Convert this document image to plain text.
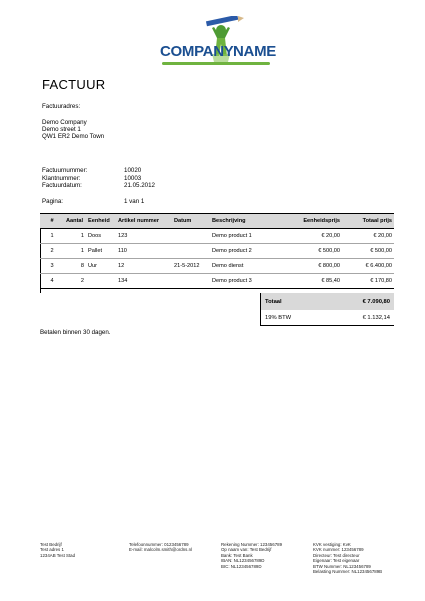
COMPANY NAME
FACTUUR
Factuuradres:
Demo Company
Demo street 1
QW1 ER2 Demo Town
Factuurnummer:	10020
Klantnummer:	10003
Factuurdatum:	21.05.2012
Pagina:	1 van 1
#	Aantal	Eenheid	Artikel nummer	Datum	Beschrijving	Eenheidsprijs	Totaal prijs
1	1	Doos	123		Demo product 1	€ 20,00	€ 20,00
2	1	Pallet	110		Demo product 2	€ 500,00	€ 500,00
3	8	Uur	12	21-5-2012	Demo dienst	€ 800,00	€ 6.400,00
4	2		134		Demo product 3	€ 85,40	€ 170,80
Totaal	€ 7.090,80
19% BTW	€ 1.132,14
Betalen binnen 30 dagen.
Test Bedrijf
Test adres 1
1234AB Test Stad
Telefoonnummer: 0123456789
E-mail: malcolm.smith@ordns.nl
Rekening Nummer: 123456789
Op naam van: Test Bedrijf
Bank: Test Bank
IBAN: NL123456789D
BIC: NL123456789D
KVK vestiging: KvK
KVK nummer: 123456789
Directeur: Test directeur
Eigenaar: Test eigenaar
BTW Nummer: NL123456789
Belasting Nummer: NL123456789B
